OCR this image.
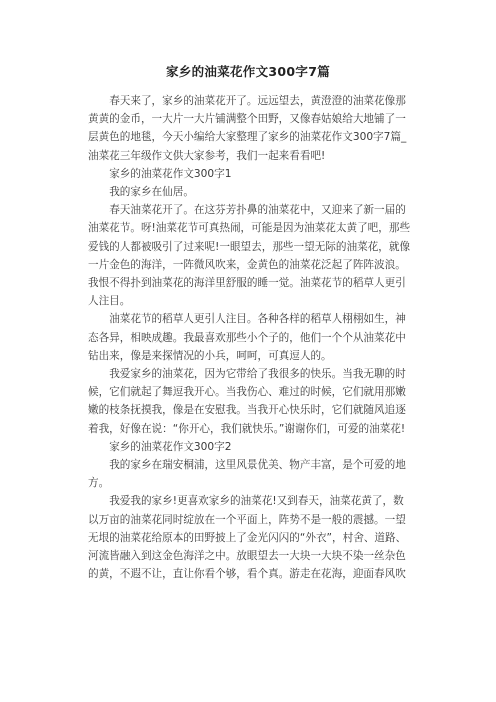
家乡的油菜花作文300字7篇

春天来了，家乡的油菜花开了。远远望去，黄澄澄的油菜花像那黄黄的金币，一大片一大片铺满整个田野，又像春姑娘给大地铺了一层黄色的地毯，今天小编给大家整理了家乡的油菜花作文300字7篇_油菜花三年级作文供大家参考，我们一起来看看吧!

家乡的油菜花作文300字1

我的家乡在仙居。

春天油菜花开了。在这芬芳扑鼻的油菜花中，又迎来了新一届的油菜花节。呀!油菜花节可真热闹，可能是因为油菜花太黄了吧，那些爱钱的人都被吸引了过来呢!一眼望去，那些一望无际的油菜花，就像一片金色的海洋，一阵微风吹来，金黄色的油菜花泛起了阵阵波浪。我恨不得扑到油菜花的海洋里舒服的睡一觉。油菜花节的稻草人更引人注目。

油菜花节的稻草人更引人注目。各种各样的稻草人栩栩如生，神态各异，相映成趣。我最喜欢那些小个子的，他们一个个从油菜花中钻出来，像是来探情况的小兵，呵呵，可真逗人的。

我爱家乡的油菜花，因为它带给了我很多的快乐。当我无聊的时候，它们就起了舞逗我开心。当我伤心、难过的时候，它们就用那嫩嫩的枝条抚摸我，像是在安慰我。当我开心快乐时，它们就随风追逐着我，好像在说：“你开心，我们就快乐。”谢谢你们，可爱的油菜花!

家乡的油菜花作文300字2

我的家乡在瑞安桐浦，这里风景优美、物产丰富，是个可爱的地方。

我爱我的家乡!更喜欢家乡的油菜花!又到春天，油菜花黄了，数以万亩的油菜花同时绽放在一个平面上，阵势不是一般的震撼。一望无垠的油菜花给原本的田野披上了金光闪闪的“外衣”，村舍、道路、河流皆融入到这金色海洋之中。放眼望去一大块一大块不染一丝杂色的黄，不遐不让，直让你看个够，看个真。游走在花海，迎面春风吹
